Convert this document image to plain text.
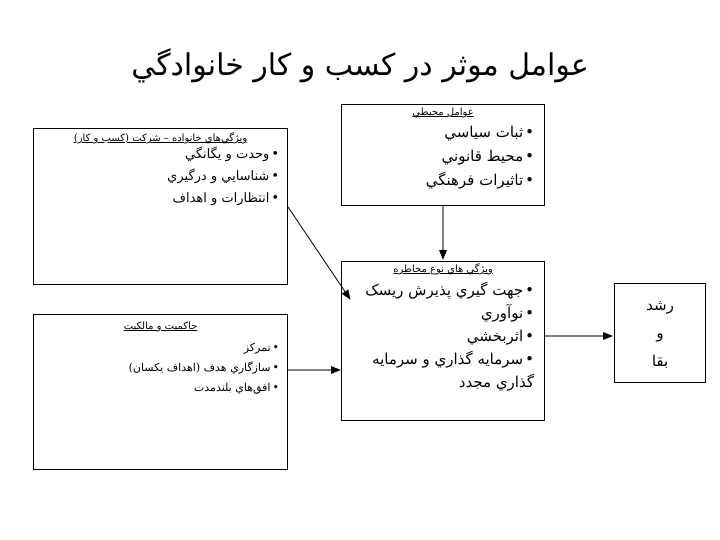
عوامل موثر در کسب و کار خانوادگي
ويژگي‌هاي خانواده – شرکت (کسب و کار)
• وحدت و يگانگي
• شناسايي و درگيري
• انتظارات و اهداف
حاکميت و مالکيت
• تمرکز
• سازگاري هدف (اهداف يکسان)
• افق‌هاي بلندمدت
عوامل محيطي
• ثبات سياسي
• محيط قانوني
• تاثيرات فرهنگي
ويژگي هاي نوع مخاطره
• جهت گيري پذيرش ريسک
• نوآوري
• اثربخشي
• سرمايه گذاري و سرمايه گذاري مجدد
رشد
و
بقا
